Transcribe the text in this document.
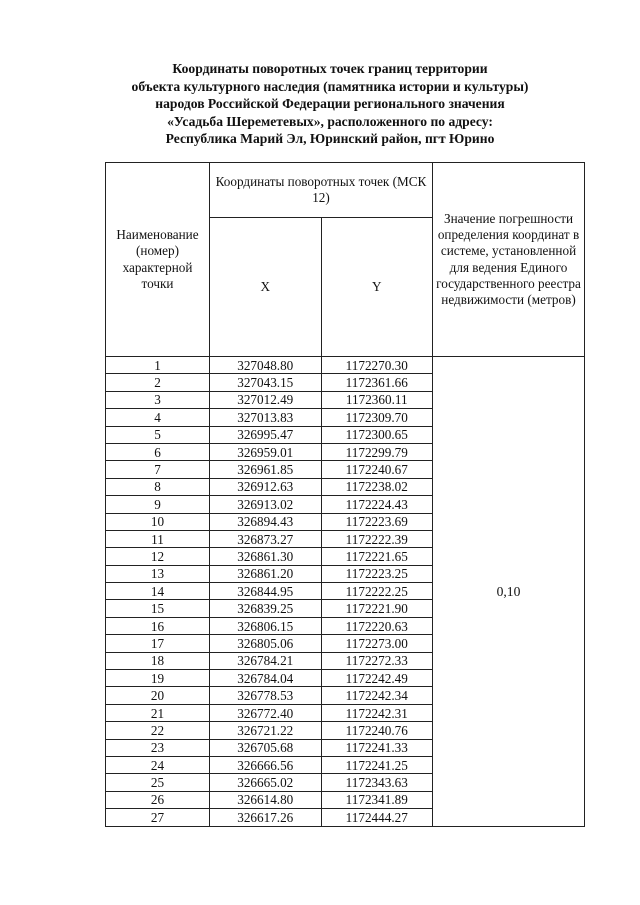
Координаты поворотных точек границ территории
объекта культурного наследия (памятника истории и культуры)
народов Российской Федерации регионального значения
«Усадьба Шереметевых», расположенного по адресу:
Республика Марий Эл, Юринский район, пгт Юрино
Наименование (номер) характерной точки	Координаты поворотных точек (МСК 12)		Значение погрешности определения координат в системе, установленной для ведения Единого государственного реестра недвижимости (метров)
	X	Y	
1	327048.80	1172270.30	0,10
2	327043.15	1172361.66	
3	327012.49	1172360.11	
4	327013.83	1172309.70	
5	326995.47	1172300.65	
6	326959.01	1172299.79	
7	326961.85	1172240.67	
8	326912.63	1172238.02	
9	326913.02	1172224.43	
10	326894.43	1172223.69	
11	326873.27	1172222.39	
12	326861.30	1172221.65	
13	326861.20	1172223.25	
14	326844.95	1172222.25	
15	326839.25	1172221.90	
16	326806.15	1172220.63	
17	326805.06	1172273.00	
18	326784.21	1172272.33	
19	326784.04	1172242.49	
20	326778.53	1172242.34	
21	326772.40	1172242.31	
22	326721.22	1172240.76	
23	326705.68	1172241.33	
24	326666.56	1172241.25	
25	326665.02	1172343.63	
26	326614.80	1172341.89	
27	326617.26	1172444.27	
